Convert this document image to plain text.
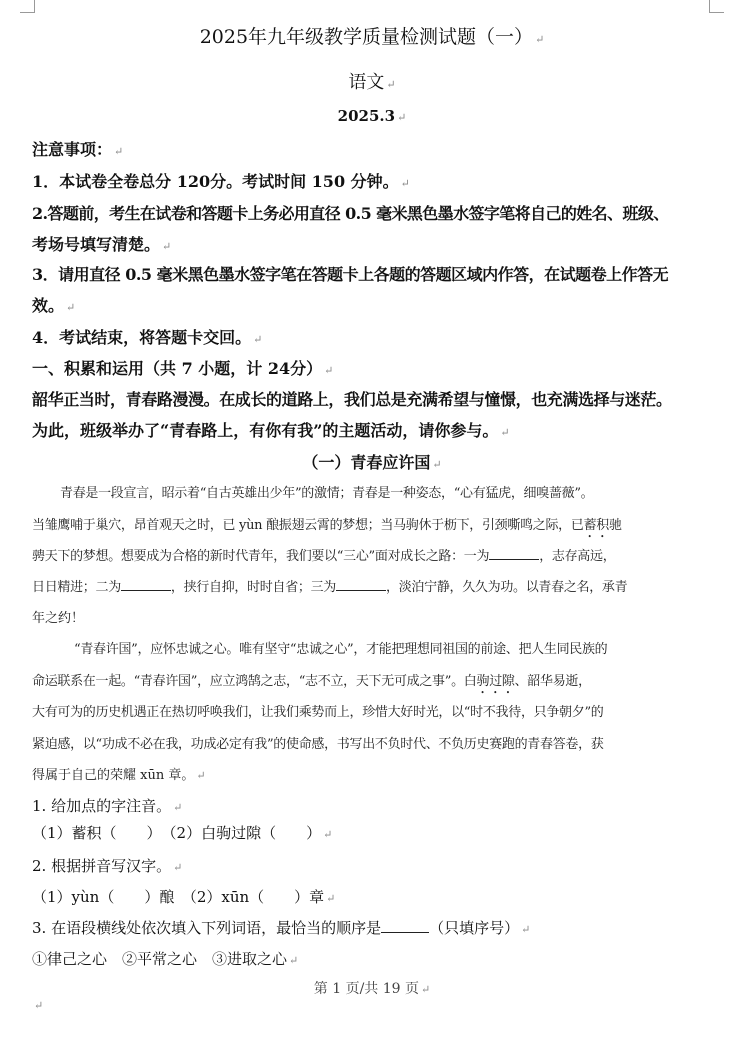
2025年九年级教学质量检测试题（一） ↵
语文 ↵
2025.3 ↵
注意事项： ↵
1．本试卷全卷总分 120分。考试时间 150 分钟。 ↵
2.答题前，考生在试卷和答题卡上务必用直径 0.5 毫米黑色墨水签字笔将自己的姓名、班级、
考场号填写清楚。 ↵
3．请用直径 0.5 毫米黑色墨水签字笔在答题卡上各题的答题区域内作答，在试题卷上作答无
效。 ↵
4．考试结束，将答题卡交回。 ↵
一、积累和运用（共 7 小题，计 24分） ↵
韶华正当时，青春路漫漫。在成长的道路上，我们总是充满希望与憧憬，也充满选择与迷茫。
为此，班级举办了“青春路上，有你有我”的主题活动，请你参与。 ↵
（一）青春应许国 ↵
青春是一段宣言，昭示着“自古英雄出少年”的激情；青春是一种姿态，“心有猛虎，细嗅蔷薇”。
当雏鹰哺于巢穴，昂首观天之时，已 yùn 酿振翅云霄的梦想；当马驹休于枥下，引颈嘶鸣之际，已蓄积驰
骋天下的梦想。想要成为合格的新时代青年，我们要以“三心”面对成长之路：一为	，志存高远，
日日精进；二为	，挟行自抑，时时自省；三为	，淡泊宁静，久久为功。以青春之名，承青
年之约！
“青春许国”，应怀忠诚之心。唯有坚守“忠诚之心”，才能把理想同祖国的前途、把人生同民族的
命运联系在一起。“青春许国”，应立鸿鹄之志，“志不立，天下无可成之事”。白驹过隙、韶华易逝，
大有可为的历史机遇正在热切呼唤我们，让我们乘势而上，珍惜大好时光，以“时不我待，只争朝夕”的
紧迫感，以“功成不必在我，功成必定有我”的使命感，书写出不负时代、不负历史赛跑的青春答卷，获
得属于自己的荣耀 xūn 章。 ↵
1. 给加点的字注音。 ↵
（1）蓄积（　　）　（2）白驹过隙（　　） ↵
2. 根据拼音写汉字。 ↵
（1）yùn（　　）酿　（2）xūn（　　）章 ↵
3. 在语段横线处依次填入下列词语，最恰当的顺序是	（只填序号） ↵
①律己之心　②平常之心　③进取之心 ↵
第 1 页/共 19 页 ↵
↵
